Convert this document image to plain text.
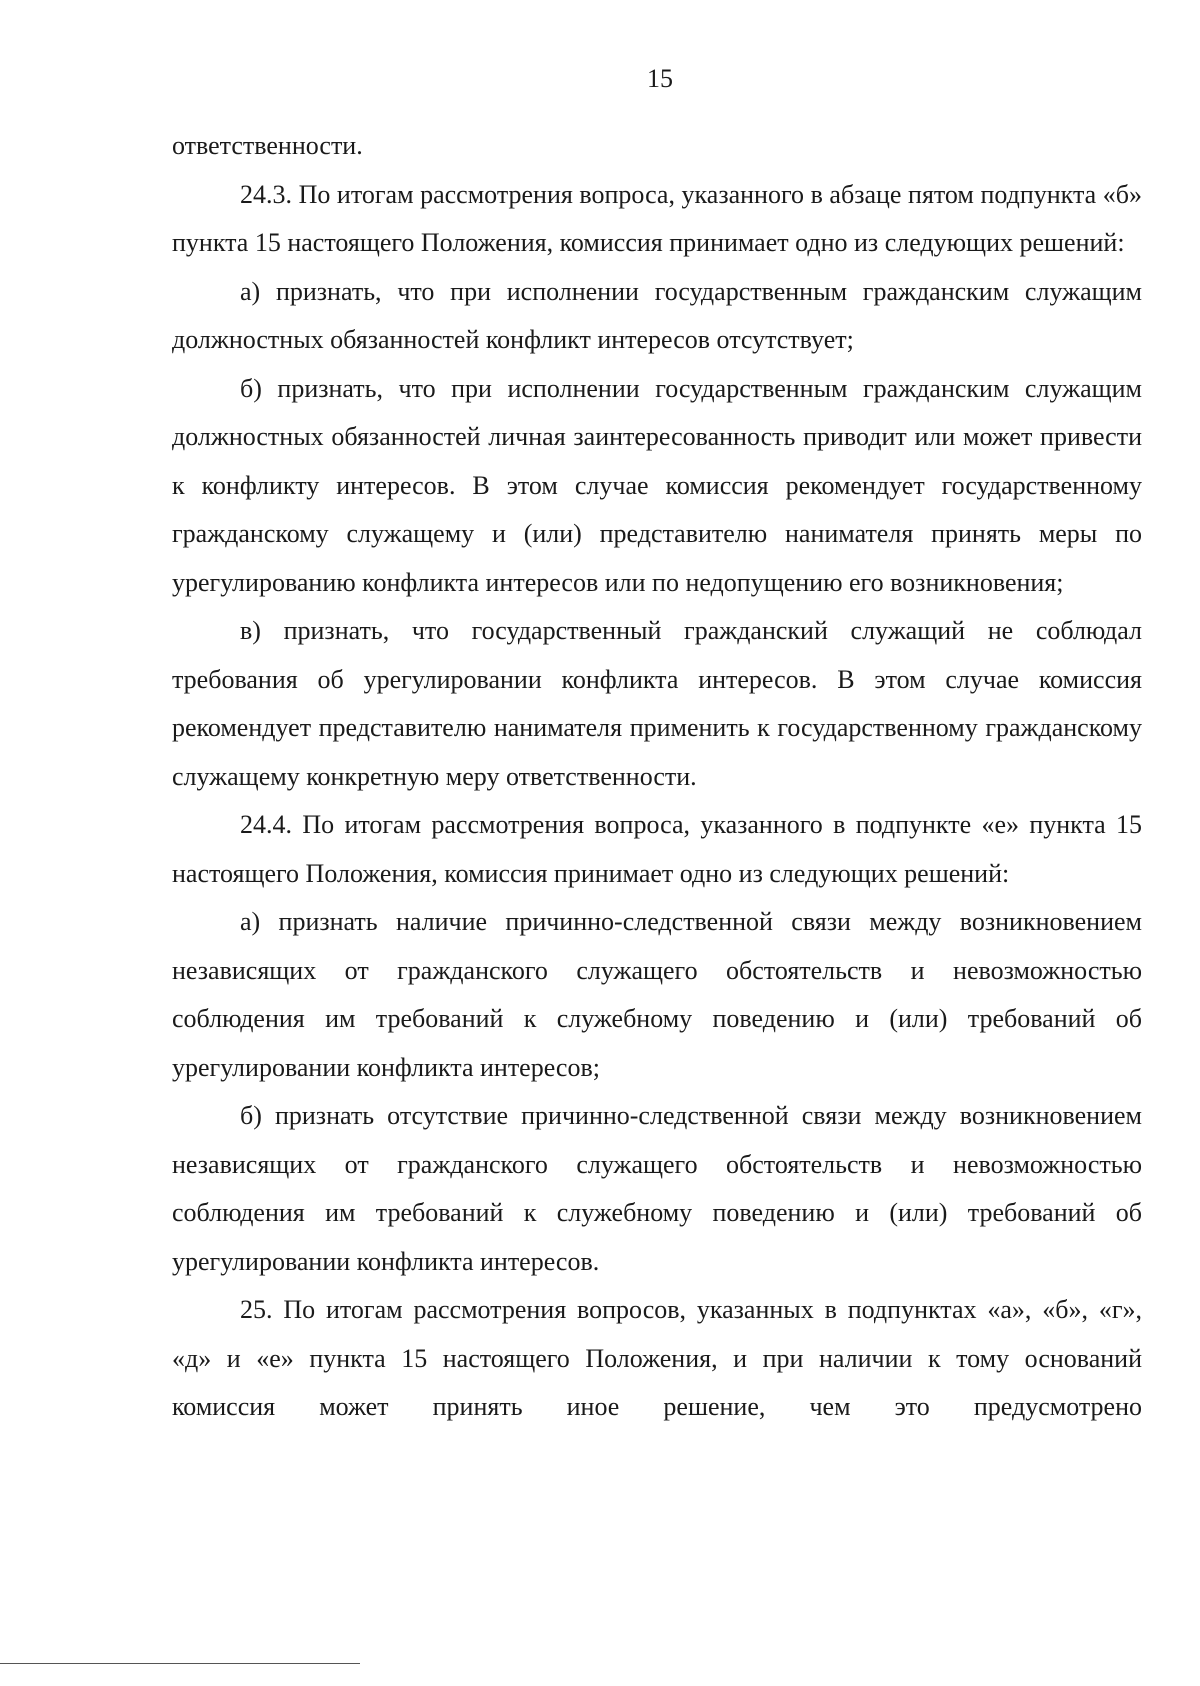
15

ответственности.

24.3. По итогам рассмотрения вопроса, указанного в абзаце пятом подпункта «б» пункта 15 настоящего Положения, комиссия принимает одно из следующих решений:

а) признать, что при исполнении государственным гражданским служащим должностных обязанностей конфликт интересов отсутствует;

б) признать, что при исполнении государственным гражданским служащим должностных обязанностей личная заинтересованность приводит или может привести к конфликту интересов. В этом случае комиссия рекомендует государственному гражданскому служащему и (или) представителю нанимателя принять меры по урегулированию конфликта интересов или по недопущению его возникновения;

в) признать, что государственный гражданский служащий не соблюдал требования об урегулировании конфликта интересов. В этом случае комиссия рекомендует представителю нанимателя применить к государственному гражданскому служащему конкретную меру ответственности.

24.4. По итогам рассмотрения вопроса, указанного в подпункте «е» пункта 15 настоящего Положения, комиссия принимает одно из следующих решений:

а) признать наличие причинно-следственной связи между возникновением независящих от гражданского служащего обстоятельств и невозможностью соблюдения им требований к служебному поведению и (или) требований об урегулировании конфликта интересов;

б) признать отсутствие причинно-следственной связи между возникновением независящих от гражданского служащего обстоятельств и невозможностью соблюдения им требований к служебному поведению и (или) требований об урегулировании конфликта интересов.

25. По итогам рассмотрения вопросов, указанных в подпунктах «а», «б», «г», «д» и «е» пункта 15 настоящего Положения, и при наличии к тому оснований комиссия может принять иное решение, чем это предусмотрено
